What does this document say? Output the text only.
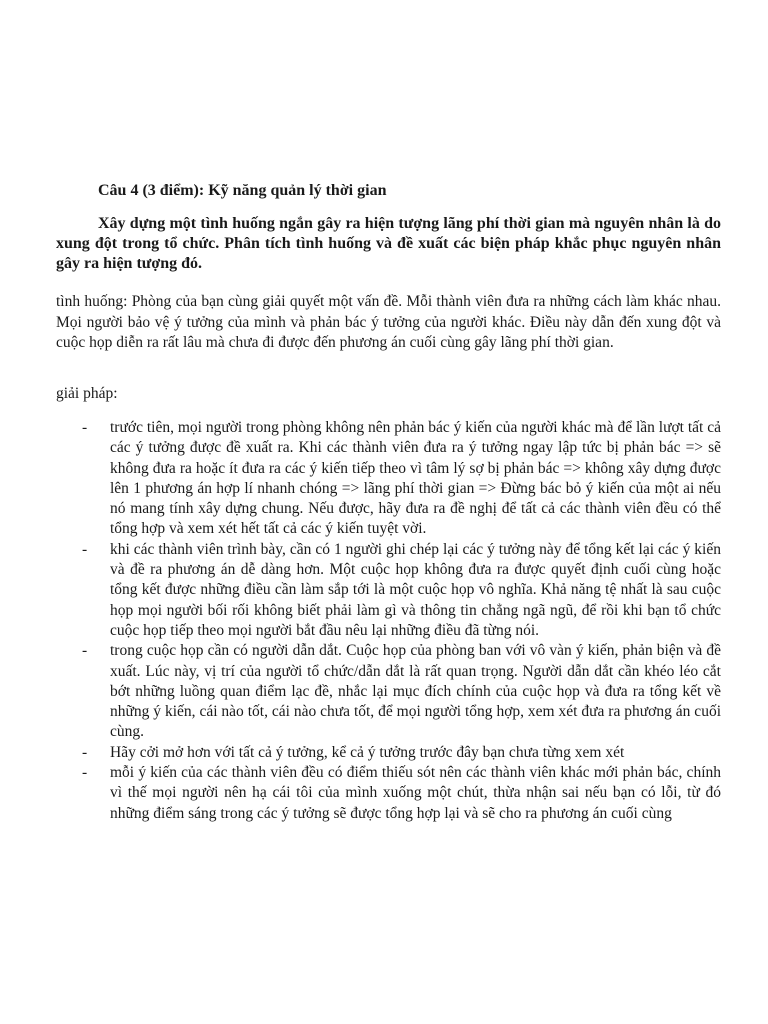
Câu 4 (3 điểm): Kỹ năng quản lý thời gian
Xây dựng một tình huống ngắn gây ra hiện tượng lãng phí thời gian mà nguyên nhân là do xung đột trong tổ chức. Phân tích tình huống và đề xuất các biện pháp khắc phục nguyên nhân gây ra hiện tượng đó.
tình huống: Phòng của bạn cùng giải quyết một vấn đề. Mỗi thành viên đưa ra những cách làm khác nhau. Mọi người bảo vệ ý tưởng của mình và phản bác ý tưởng của người khác. Điều này dẫn đến xung đột và cuộc họp diễn ra rất lâu mà chưa đi được đến phương án cuối cùng gây lãng phí thời gian.
giải pháp:
- trước tiên, mọi người trong phòng không nên phản bác ý kiến của người khác mà để lần lượt tất cả các ý tưởng được đề xuất ra. Khi các thành viên đưa ra ý tưởng ngay lập tức bị phản bác => sẽ không đưa ra hoặc ít đưa ra các ý kiến tiếp theo vì tâm lý sợ bị phản bác => không xây dựng được lên 1 phương án hợp lí nhanh chóng => lãng phí thời gian => Đừng bác bỏ ý kiến của một ai nếu nó mang tính xây dựng chung. Nếu được, hãy đưa ra đề nghị để tất cả các thành viên đều có thể tổng hợp và xem xét hết tất cả các ý kiến tuyệt vời.
- khi các thành viên trình bày, cần có 1 người ghi chép lại các ý tưởng này để tổng kết lại các ý kiến và đề ra phương án dễ dàng hơn. Một cuộc họp không đưa ra được quyết định cuối cùng hoặc tổng kết được những điều cần làm sắp tới là một cuộc họp vô nghĩa. Khả năng tệ nhất là sau cuộc họp mọi người bối rối không biết phải làm gì và thông tin chẳng ngã ngũ, để rồi khi bạn tổ chức cuộc họp tiếp theo mọi người bắt đầu nêu lại những điều đã từng nói.
- trong cuộc họp cần có người dẫn dắt. Cuộc họp của phòng ban với vô vàn ý kiến, phản biện và đề xuất. Lúc này, vị trí của người tổ chức/dẫn dắt là rất quan trọng. Người dẫn dắt cần khéo léo cắt bớt những luồng quan điểm lạc đề, nhắc lại mục đích chính của cuộc họp và đưa ra tổng kết về những ý kiến, cái nào tốt, cái nào chưa tốt, để mọi người tổng hợp, xem xét đưa ra phương án cuối cùng.
- Hãy cởi mở hơn với tất cả ý tưởng, kể cả ý tưởng trước đây bạn chưa từng xem xét
- mỗi ý kiến của các thành viên đều có điểm thiếu sót nên các thành viên khác mới phản bác, chính vì thế mọi người nên hạ cái tôi của mình xuống một chút, thừa nhận sai nếu bạn có lỗi, từ đó những điểm sáng trong các ý tưởng sẽ được tổng hợp lại và sẽ cho ra phương án cuối cùng
